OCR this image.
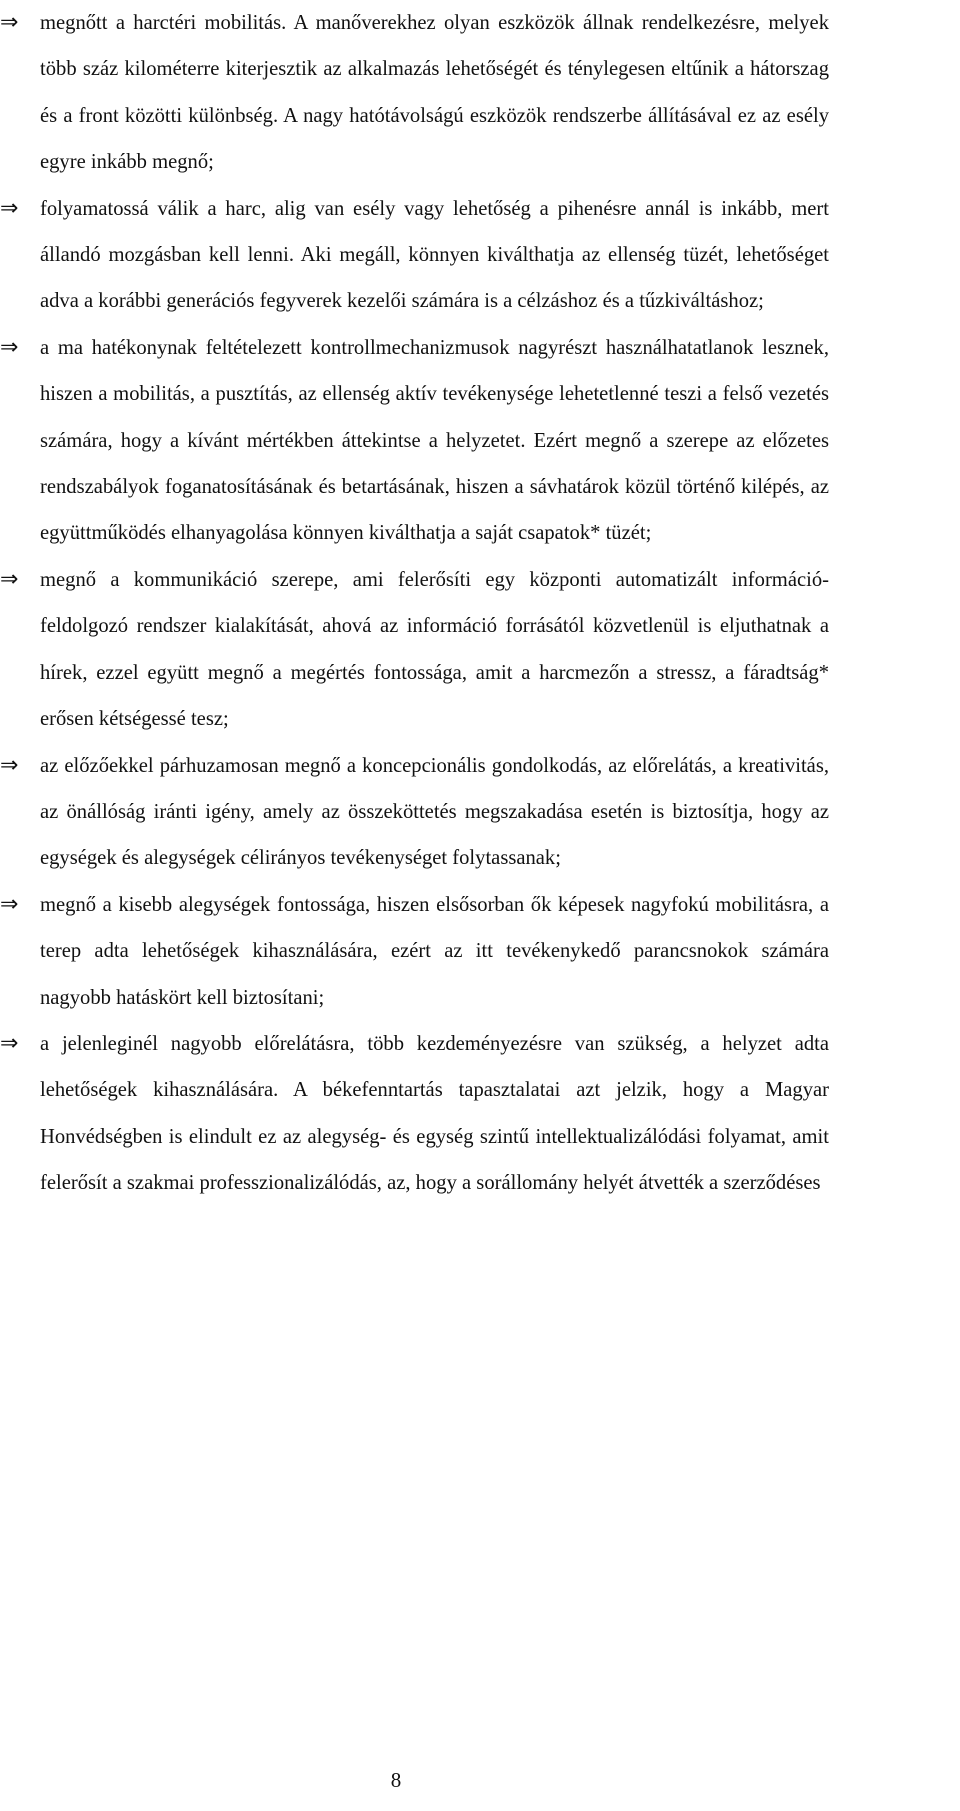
⇒	megnőtt a harctéri mobilitás. A manőverekhez olyan eszközök állnak rendelkezésre, melyek több száz kilométerre kiterjesztik az alkalmazás lehetőségét és ténylegesen eltűnik a hátorszag és a front közötti különbség. A nagy hatótávolságú eszközök rendszerbe állításával ez az esély egyre inkább megnő;
⇒	folyamatossá válik a harc, alig van esély vagy lehetőség a pihenésre annál is inkább, mert állandó mozgásban kell lenni. Aki megáll, könnyen kiválthatja az ellenség tüzét, lehetőséget adva a korábbi generációs fegyverek kezelői számára is a célzáshoz és a tűzkiváltáshoz;
⇒	a ma hatékonynak feltételezett kontrollmechanizmusok nagyrészt használhatatlanok lesznek, hiszen a mobilitás, a pusztítás, az ellenség aktív tevékenysége lehetetlenné teszi a felső vezetés számára, hogy a kívánt mértékben áttekintse a helyzetet. Ezért megnő a szerepe az előzetes rendszabályok foganatosításának és betartásának, hiszen a sávhatárok közül történő kilépés, az együttműködés elhanyagolása könnyen kiválthatja a saját csapatok* tüzét;
⇒	megnő a kommunikáció szerepe, ami felerősíti egy központi automatizált információ-feldolgozó rendszer kialakítását, ahová az információ forrásától közvetlenül is eljuthatnak a hírek, ezzel együtt megnő a megértés fontossága, amit a harcmezőn a stressz, a fáradtság* erősen kétségessé tesz;
⇒	az előzőekkel párhuzamosan megnő a koncepcionális gondolkodás, az előrelátás, a kreativitás, az önállóság iránti igény, amely az összeköttetés megszakadása esetén is biztosítja, hogy az egységek és alegységek célirányos tevékenységet folytassanak;
⇒	megnő a kisebb alegységek fontossága, hiszen elsősorban ők képesek nagyfokú mobilitásra, a terep adta lehetőségek kihasználására, ezért az itt tevékenykedő parancsnokok számára nagyobb hatáskört kell biztosítani;
⇒	a jelenleginél nagyobb előrelátásra, több kezdeményezésre van szükség, a helyzet adta lehetőségek kihasználására. A békefenntartás tapasztalatai azt jelzik, hogy a Magyar Honvédségben is elindult ez az alegység- és egység szintű intellektualizálódási folyamat, amit felerősít a szakmai professzionalizálódás, az, hogy a sorállomány helyét átvették a szerződéses
8
